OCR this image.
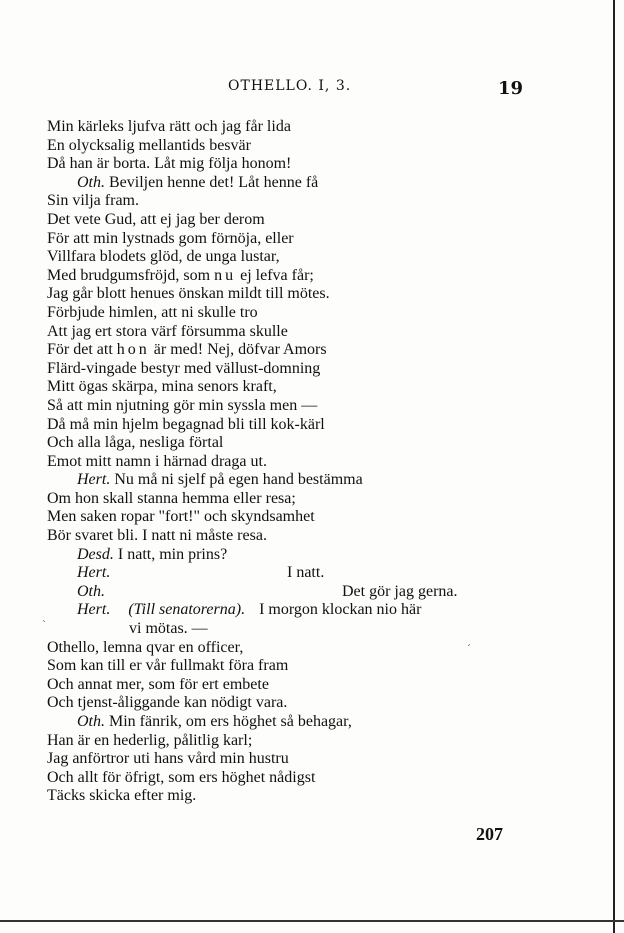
OTHELLO. I, 3.	19
Min kärleks ljufva rätt och jag får lida
En olycksalig mellantids besvär
Då han är borta. Låt mig följa honom!
Oth. Beviljen henne det! Låt henne få
Sin vilja fram.
Det vete Gud, att ej jag ber derom
För att min lystnads gom förnöja, eller
Villfara blodets glöd, de unga lustar,
Med brudgumsfröjd, som nu ej lefva får;
Jag går blott henues önskan mildt till mötes.
Förbjude himlen, att ni skulle tro
Att jag ert stora värf försumma skulle
För det att hon är med! Nej, döfvar Amors
Flärd-vingade bestyr med vällust-domning
Mitt ögas skärpa, mina senors kraft,
Så att min njutning gör min syssla men —
Då må min hjelm begagnad bli till kok-kärl
Och alla låga, nesliga förtal
Emot mitt namn i härnad draga ut.
Hert. Nu må ni sjelf på egen hand bestämma
Om hon skall stanna hemma eller resa;
Men saken ropar "fort!" och skyndsamhet
Bör svaret bli. I natt ni måste resa.
Desd. I natt, min prins?
Hert.	I natt.
Oth.	Det gör jag gerna.
Hert. (Till senatorerna). I morgon klockan nio här
vi mötas. —
Othello, lemna qvar en officer,
Som kan till er vår fullmakt föra fram
Och annat mer, som för ert embete
Och tjenst-åliggande kan nödigt vara.
Oth. Min fänrik, om ers höghet så behagar,
Han är en hederlig, pålitlig karl;
Jag anförtror uti hans vård min hustru
Och allt för öfrigt, som ers höghet nådigst
Täcks skicka efter mig.
ˋ
ˊ
207
